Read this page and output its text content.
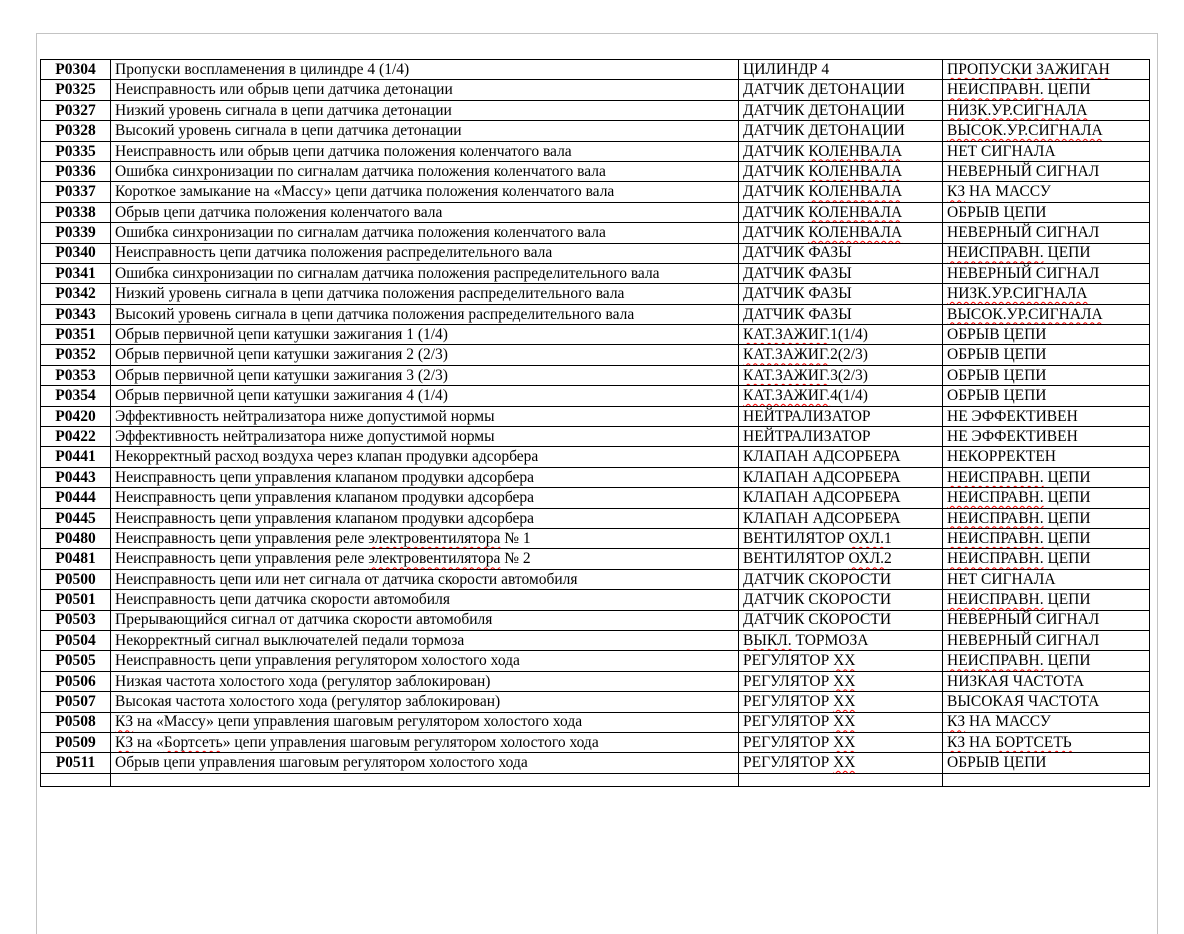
P0304	Пропуски воспламенения в цилиндре 4 (1/4)	ЦИЛИНДР 4	ПРОПУСКИ ЗАЖИГАН
P0325	Неисправность или обрыв цепи датчика детонации	ДАТЧИК ДЕТОНАЦИИ	НЕИСПРАВН. ЦЕПИ
P0327	Низкий уровень сигнала в цепи датчика детонации	ДАТЧИК ДЕТОНАЦИИ	НИЗК.УР.СИГНАЛА
P0328	Высокий уровень сигнала в цепи датчика детонации	ДАТЧИК ДЕТОНАЦИИ	ВЫСОК.УР.СИГНАЛА
P0335	Неисправность или обрыв цепи датчика положения коленчатого вала	ДАТЧИК КОЛЕНВАЛА	НЕТ СИГНАЛА
P0336	Ошибка синхронизации по сигналам датчика положения коленчатого вала	ДАТЧИК КОЛЕНВАЛА	НЕВЕРНЫЙ СИГНАЛ
P0337	Короткое замыкание на «Массу» цепи датчика положения коленчатого вала	ДАТЧИК КОЛЕНВАЛА	КЗ НА МАССУ
P0338	Обрыв цепи датчика положения коленчатого вала	ДАТЧИК КОЛЕНВАЛА	ОБРЫВ ЦЕПИ
P0339	Ошибка синхронизации по сигналам датчика положения коленчатого вала	ДАТЧИК КОЛЕНВАЛА	НЕВЕРНЫЙ СИГНАЛ
P0340	Неисправность цепи датчика положения распределительного вала	ДАТЧИК ФАЗЫ	НЕИСПРАВН. ЦЕПИ
P0341	Ошибка синхронизации по сигналам датчика положения распределительного вала	ДАТЧИК ФАЗЫ	НЕВЕРНЫЙ СИГНАЛ
P0342	Низкий уровень сигнала в цепи датчика положения распределительного вала	ДАТЧИК ФАЗЫ	НИЗК.УР.СИГНАЛА
P0343	Высокий уровень сигнала в цепи датчика положения распределительного вала	ДАТЧИК ФАЗЫ	ВЫСОК.УР.СИГНАЛА
P0351	Обрыв первичной цепи катушки зажигания 1 (1/4)	КАТ.ЗАЖИГ.1(1/4)	ОБРЫВ ЦЕПИ
P0352	Обрыв первичной цепи катушки зажигания 2 (2/3)	КАТ.ЗАЖИГ.2(2/3)	ОБРЫВ ЦЕПИ
P0353	Обрыв первичной цепи катушки зажигания 3 (2/3)	КАТ.ЗАЖИГ.3(2/3)	ОБРЫВ ЦЕПИ
P0354	Обрыв первичной цепи катушки зажигания 4 (1/4)	КАТ.ЗАЖИГ.4(1/4)	ОБРЫВ ЦЕПИ
P0420	Эффективность нейтрализатора ниже допустимой нормы	НЕЙТРАЛИЗАТОР	НЕ ЭФФЕКТИВЕН
P0422	Эффективность нейтрализатора ниже допустимой нормы	НЕЙТРАЛИЗАТОР	НЕ ЭФФЕКТИВЕН
P0441	Некорректный расход воздуха через клапан продувки адсорбера	КЛАПАН АДСОРБЕРА	НЕКОРРЕКТЕН
P0443	Неисправность цепи управления клапаном продувки адсорбера	КЛАПАН АДСОРБЕРА	НЕИСПРАВН. ЦЕПИ
P0444	Неисправность цепи управления клапаном продувки адсорбера	КЛАПАН АДСОРБЕРА	НЕИСПРАВН. ЦЕПИ
P0445	Неисправность цепи управления клапаном продувки адсорбера	КЛАПАН АДСОРБЕРА	НЕИСПРАВН. ЦЕПИ
P0480	Неисправность цепи управления реле электровентилятора № 1	ВЕНТИЛЯТОР ОХЛ.1	НЕИСПРАВН. ЦЕПИ
P0481	Неисправность цепи управления реле электровентилятора № 2	ВЕНТИЛЯТОР ОХЛ.2	НЕИСПРАВН. ЦЕПИ
P0500	Неисправность цепи или нет сигнала от датчика скорости автомобиля	ДАТЧИК СКОРОСТИ	НЕТ СИГНАЛА
P0501	Неисправность цепи датчика скорости автомобиля	ДАТЧИК СКОРОСТИ	НЕИСПРАВН. ЦЕПИ
P0503	Прерывающийся сигнал от датчика скорости автомобиля	ДАТЧИК СКОРОСТИ	НЕВЕРНЫЙ СИГНАЛ
P0504	Некорректный сигнал выключателей педали тормоза	ВЫКЛ. ТОРМОЗА	НЕВЕРНЫЙ СИГНАЛ
P0505	Неисправность цепи управления регулятором холостого хода	РЕГУЛЯТОР ХХ	НЕИСПРАВН. ЦЕПИ
P0506	Низкая частота холостого хода (регулятор заблокирован)	РЕГУЛЯТОР ХХ	НИЗКАЯ ЧАСТОТА
P0507	Высокая частота холостого хода (регулятор заблокирован)	РЕГУЛЯТОР ХХ	ВЫСОКАЯ ЧАСТОТА
P0508	КЗ на «Массу» цепи управления шаговым регулятором холостого хода	РЕГУЛЯТОР ХХ	КЗ НА МАССУ
P0509	КЗ на «Бортсеть» цепи управления шаговым регулятором холостого хода	РЕГУЛЯТОР ХХ	КЗ НА БОРТСЕТЬ
P0511	Обрыв цепи управления шаговым регулятором холостого хода	РЕГУЛЯТОР ХХ	ОБРЫВ ЦЕПИ
